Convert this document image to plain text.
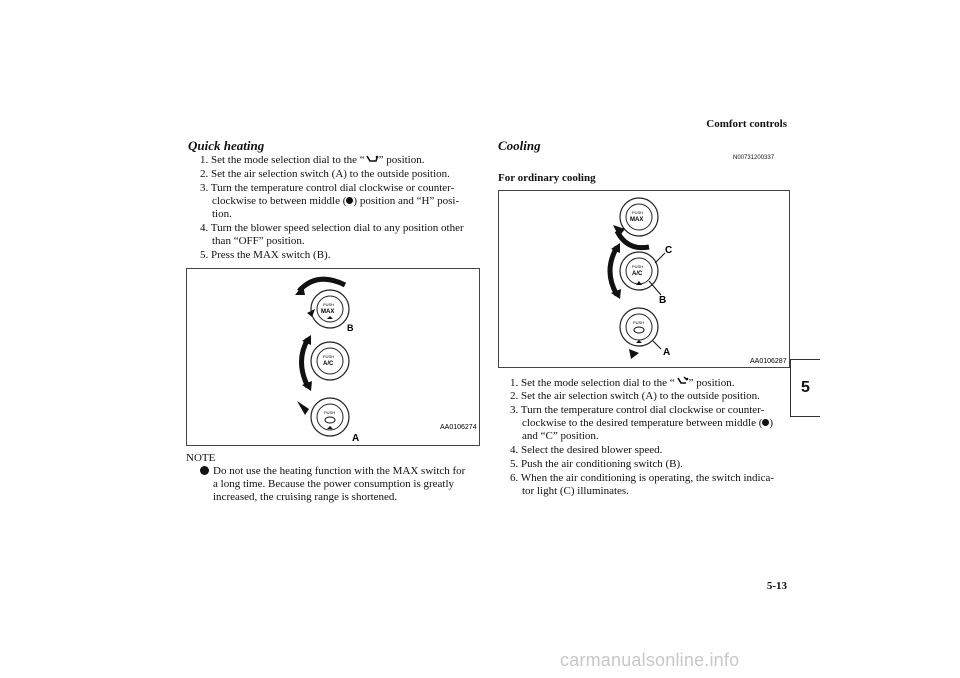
Comfort controls
5
Quick heating
1. Set the mode selection dial to the “ ” position.
2. Set the air selection switch (A) to the outside position.
3. Turn the temperature control dial clockwise or counter-
clockwise to between middle ( ) position and “H” posi-
tion.
4. Turn the blower speed selection dial to any position other
than “OFF” position.
5. Press the MAX switch (B).
PUSH
MAX
B
PUSH
A/C
PUSH
A
AA0106274
NOTE
Do not use the heating function with the MAX switch for
a long time. Because the power consumption is greatly
increased, the cruising range is shortened.
Cooling
N00731200337
For ordinary cooling
PUSH
MAX
PUSH
A/C
C
B
PUSH
A
AA0106287
1. Set the mode selection dial to the “ ” position.
2. Set the air selection switch (A) to the outside position.
3. Turn the temperature control dial clockwise or counter-
clockwise to the desired temperature between middle ( )
and “C” position.
4. Select the desired blower speed.
5. Push the air conditioning switch (B).
6. When the air conditioning is operating, the switch indica-
tor light (C) illuminates.
5-13
carmanualsonline.info
